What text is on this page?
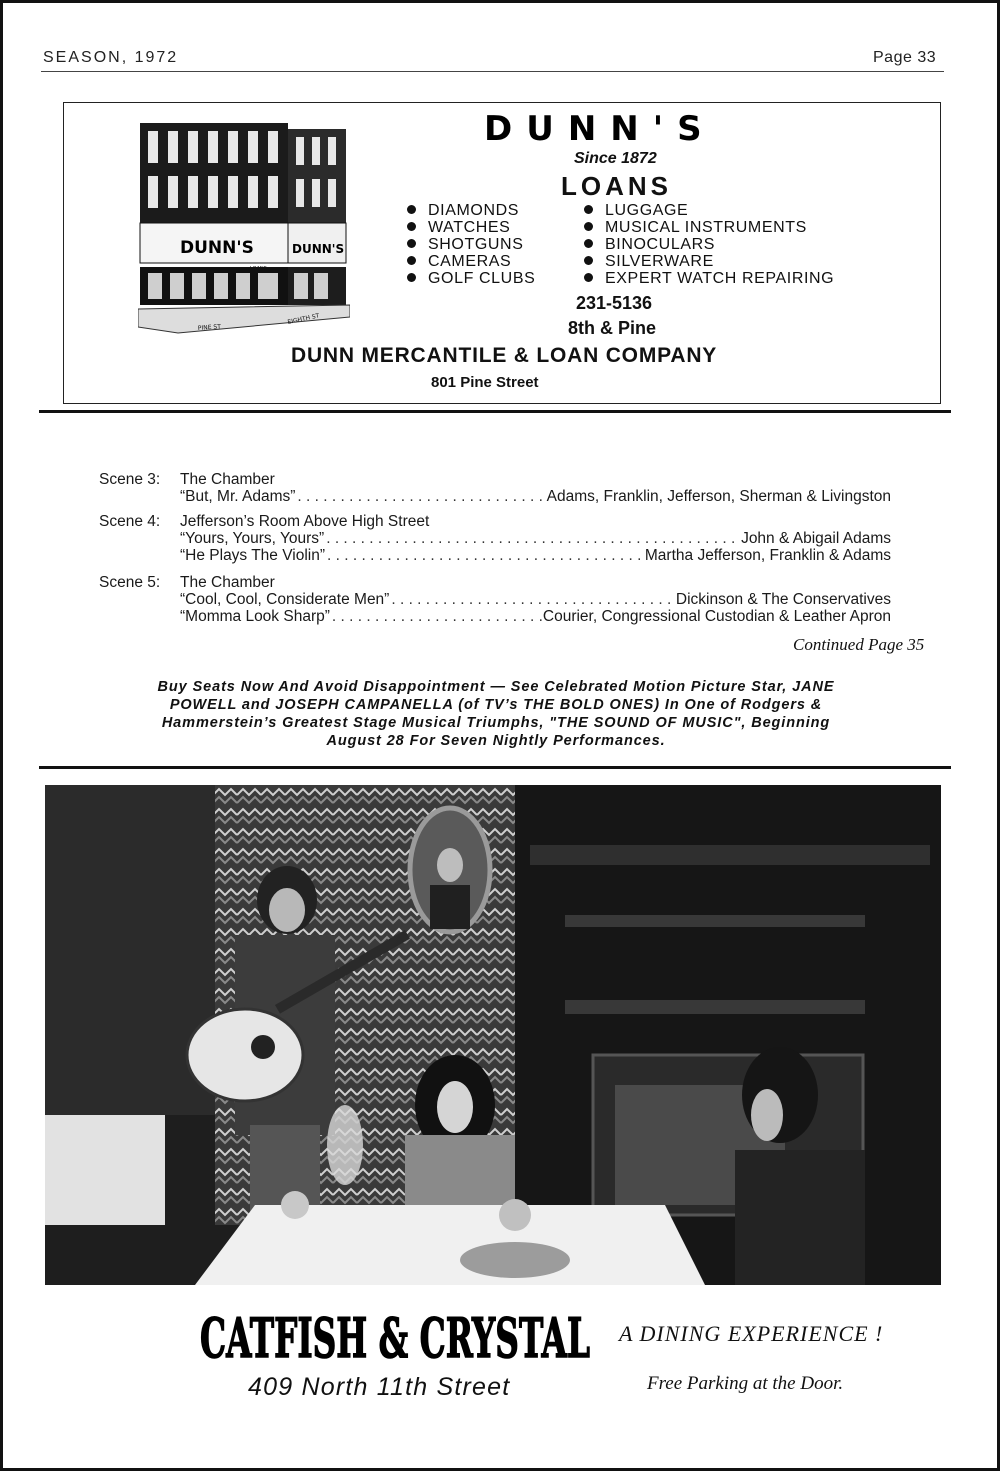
SEASON, 1972	Page 33
DUNN'S	DUNN'S
PINE ST
EIGHTH ST
DUNN'S
Since 1872
LOANS
DIAMONDS
WATCHES
SHOTGUNS
CAMERAS
GOLF CLUBS
LUGGAGE
MUSICAL INSTRUMENTS
BINOCULARS
SILVERWARE
EXPERT WATCH REPAIRING
231-5136
8th & Pine
DUNN MERCANTILE & LOAN COMPANY
801 Pine Street
Scene 3: The Chamber
“But, Mr. Adams” . . .	Adams, Franklin, Jefferson, Sherman & Livingston
Scene 4: Jefferson’s Room Above High Street
“Yours, Yours, Yours” . . .	John & Abigail Adams
“He Plays The Violin” . . .	Martha Jefferson, Franklin & Adams
Scene 5: The Chamber
“Cool, Cool, Considerate Men” . . .	Dickinson & The Conservatives
“Momma Look Sharp” . . .	Courier, Congressional Custodian & Leather Apron
Continued Page 35
Buy Seats Now And Avoid Disappointment — See Celebrated Motion Picture Star, JANE
POWELL and JOSEPH CAMPANELLA (of TV’s THE BOLD ONES) In One of Rodgers &
Hammerstein’s Greatest Stage Musical Triumphs, "THE SOUND OF MUSIC", Beginning
August 28 For Seven Nightly Performances.
CATFISH & CRYSTAL
409 North 11th Street
A DINING EXPERIENCE !
Free Parking at the Door.
